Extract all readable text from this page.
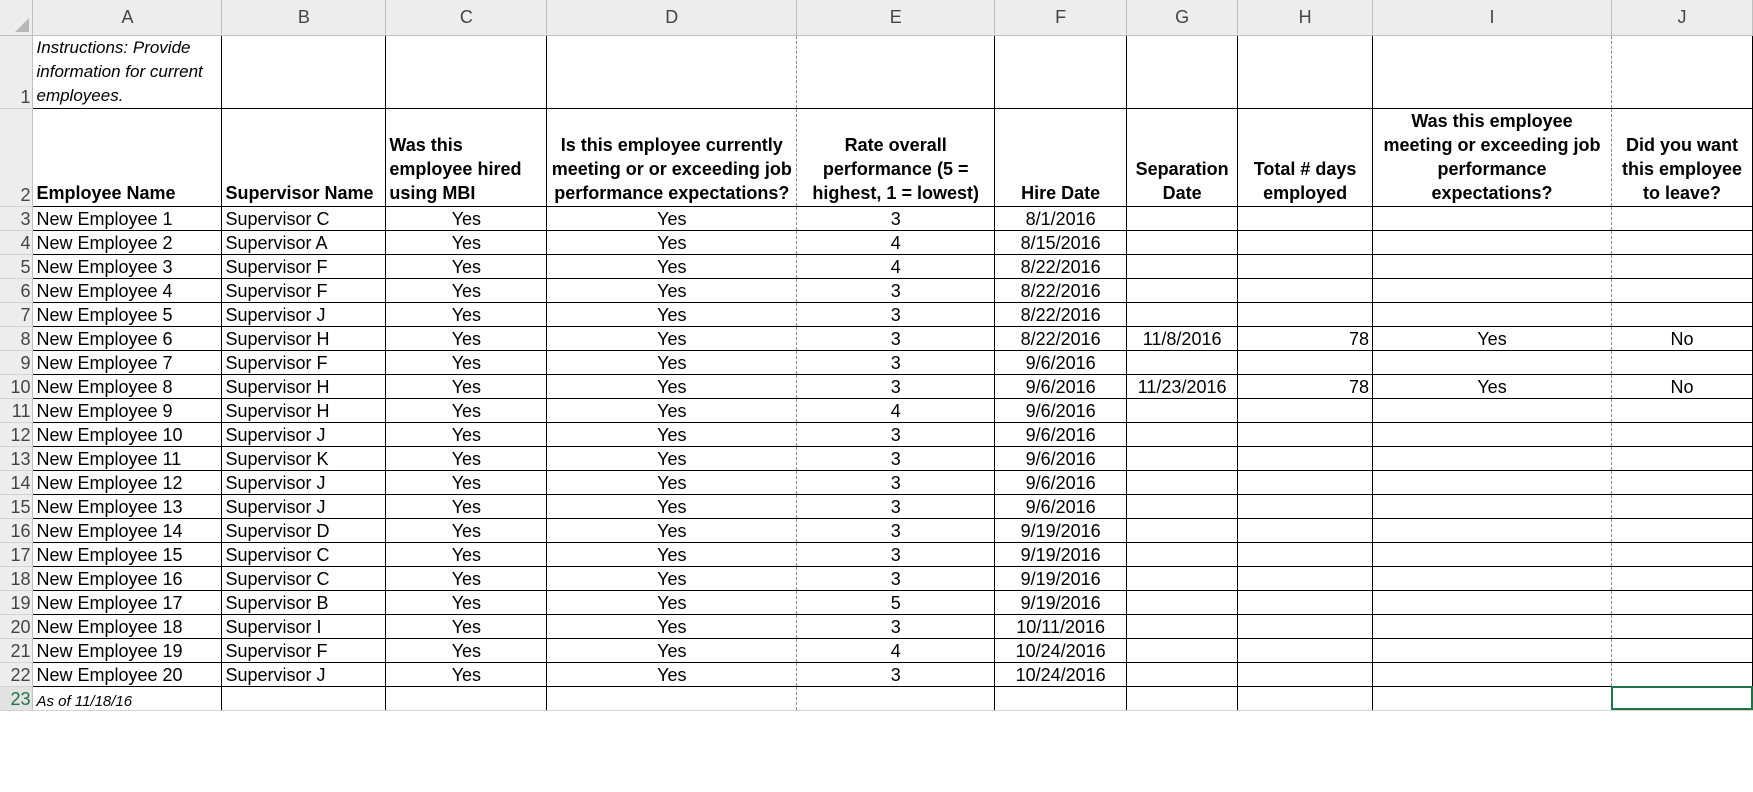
	A	B	C	D	E	F	G	H	I	J
1	Instructions: Provide information for current employees.									
2	Employee Name	Supervisor Name	Was this employee hired using MBI	Is this employee currently meeting or or exceeding job performance expectations?	Rate overall performance (5 = highest, 1 = lowest)	Hire Date	Separation Date	Total # days employed	Was this employee meeting or exceeding job performance expectations?	Did you want this employee to leave?
3	New Employee 1	Supervisor C	Yes	Yes	3	8/1/2016				
4	New Employee 2	Supervisor A	Yes	Yes	4	8/15/2016				
5	New Employee 3	Supervisor F	Yes	Yes	4	8/22/2016				
6	New Employee 4	Supervisor F	Yes	Yes	3	8/22/2016				
7	New Employee 5	Supervisor J	Yes	Yes	3	8/22/2016				
8	New Employee 6	Supervisor H	Yes	Yes	3	8/22/2016	11/8/2016	78	Yes	No
9	New Employee 7	Supervisor F	Yes	Yes	3	9/6/2016				
10	New Employee 8	Supervisor H	Yes	Yes	3	9/6/2016	11/23/2016	78	Yes	No
11	New Employee 9	Supervisor H	Yes	Yes	4	9/6/2016				
12	New Employee 10	Supervisor J	Yes	Yes	3	9/6/2016				
13	New Employee 11	Supervisor K	Yes	Yes	3	9/6/2016				
14	New Employee 12	Supervisor J	Yes	Yes	3	9/6/2016				
15	New Employee 13	Supervisor J	Yes	Yes	3	9/6/2016				
16	New Employee 14	Supervisor D	Yes	Yes	3	9/19/2016				
17	New Employee 15	Supervisor C	Yes	Yes	3	9/19/2016				
18	New Employee 16	Supervisor C	Yes	Yes	3	9/19/2016				
19	New Employee 17	Supervisor B	Yes	Yes	5	9/19/2016				
20	New Employee 18	Supervisor I	Yes	Yes	3	10/11/2016				
21	New Employee 19	Supervisor F	Yes	Yes	4	10/24/2016				
22	New Employee 20	Supervisor J	Yes	Yes	3	10/24/2016				
23	As of 11/18/16									
